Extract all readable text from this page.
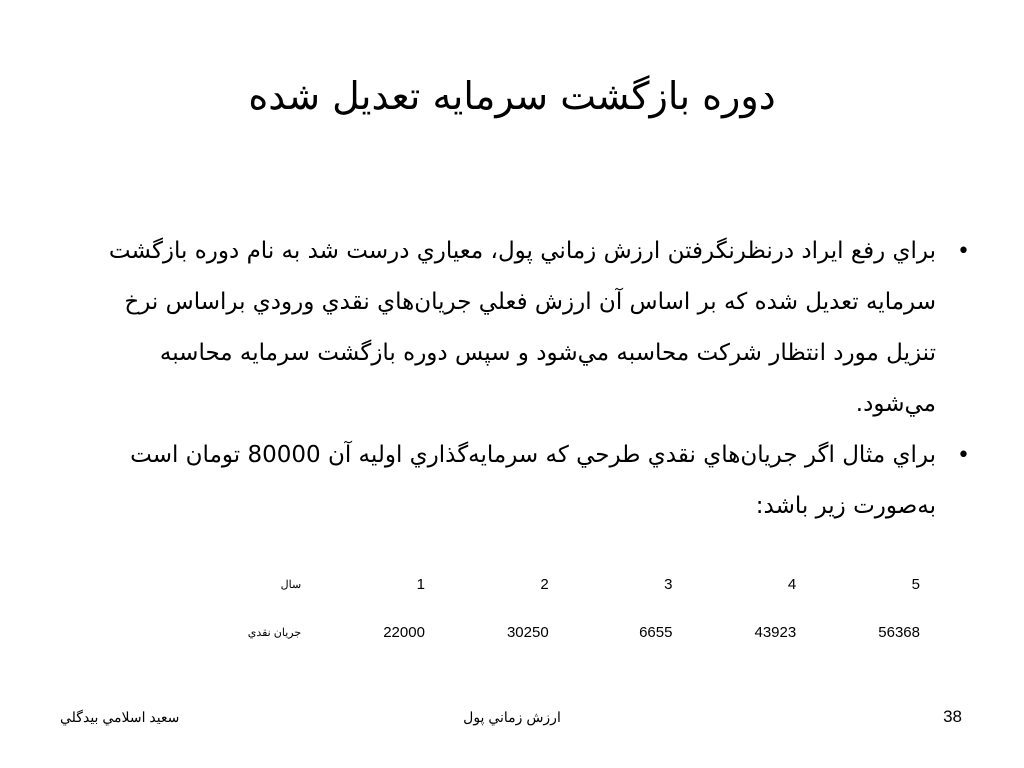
دوره بازگشت سرمايه تعديل شده
•
براي رفع ايراد درنظرنگرفتن ارزش زماني پول، معياري درست شد به نام دوره بازگشت سرمايه تعديل شده که بر اساس آن ارزش فعلي جريان‌هاي نقدي ورودي براساس نرخ تنزيل مورد انتظار شرکت محاسبه مي‌شود و سپس دوره بازگشت سرمايه محاسبه مي‌شود.
•
براي مثال اگر جريان‌هاي نقدي طرحي که سرمايه‌گذاري اوليه آن 80000 تومان است به‌صورت زير باشد:
سال	1	2	3	4	5
جريان نقدي	22000	30250	6655	43923	56368
سعيد اسلامي بيدگلي	ارزش زماني پول	38
